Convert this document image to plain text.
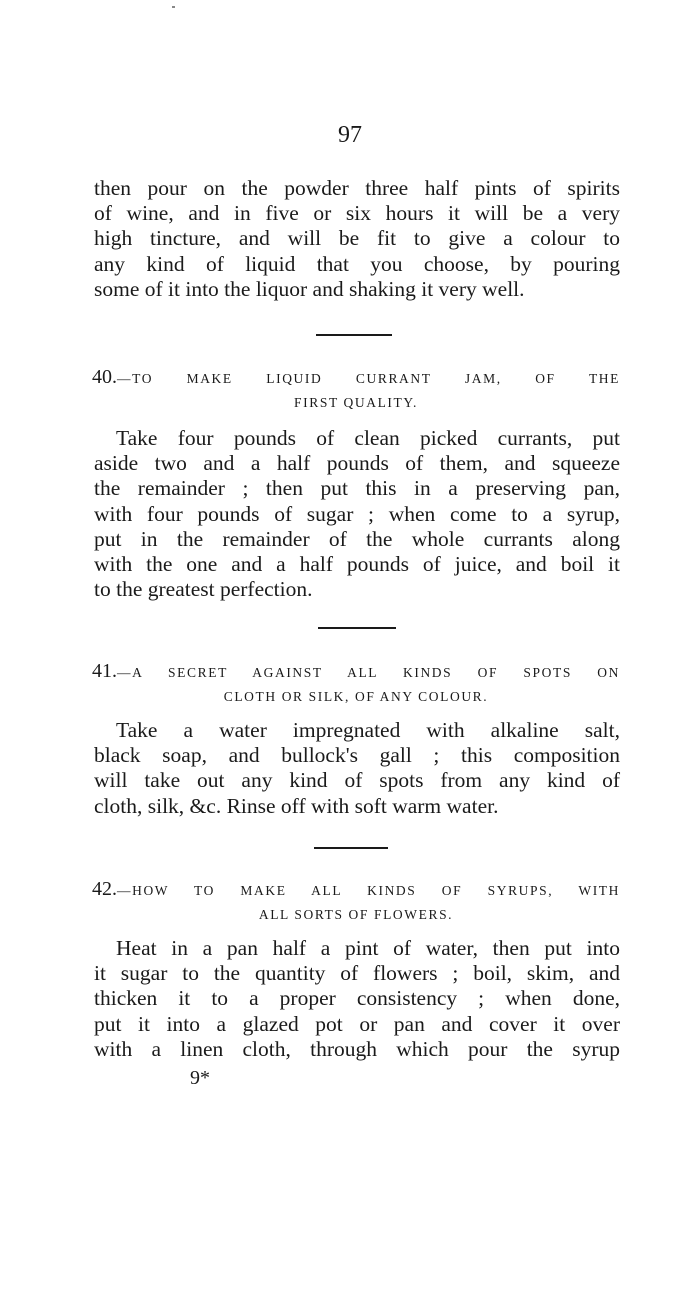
97
then pour on the powder three half pints of spirits
of wine, and in five or six hours it will be a very
high tincture, and will be fit to give a colour to
any kind of liquid that you choose, by pouring
some of it into the liquor and shaking it very well.
40.—TO MAKE LIQUID CURRANT JAM, OF THE
FIRST QUALITY.
Take four pounds of clean picked currants, put
aside two and a half pounds of them, and squeeze
the remainder ; then put this in a preserving pan,
with four pounds of sugar ; when come to a syrup,
put in the remainder of the whole currants along
with the one and a half pounds of juice, and boil it
to the greatest perfection.
41.—A SECRET AGAINST ALL KINDS OF SPOTS ON
CLOTH OR SILK, OF ANY COLOUR.
Take a water impregnated with alkaline salt,
black soap, and bullock's gall ; this composition
will take out any kind of spots from any kind of
cloth, silk, &c. Rinse off with soft warm water.
42.—HOW TO MAKE ALL KINDS OF SYRUPS, WITH
ALL SORTS OF FLOWERS.
Heat in a pan half a pint of water, then put into
it sugar to the quantity of flowers ; boil, skim, and
thicken it to a proper consistency ; when done,
put it into a glazed pot or pan and cover it over
with a linen cloth, through which pour the syrup
9*
